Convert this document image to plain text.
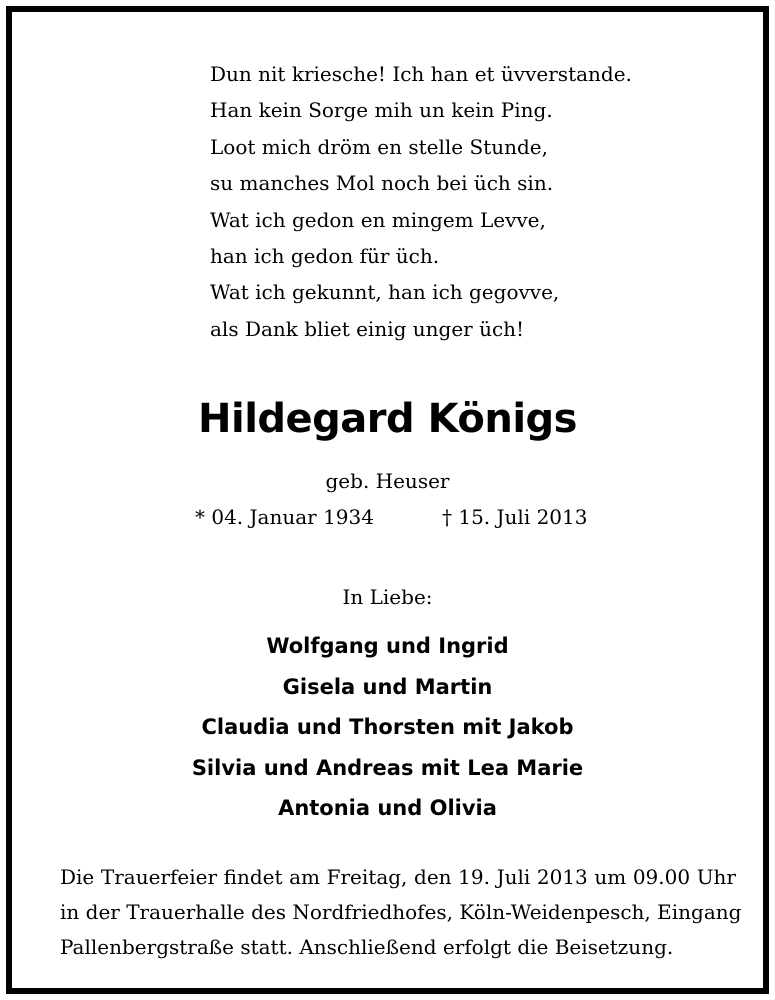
Dun nit kriesche! Ich han et üvverstande.
Han kein Sorge mih un kein Ping.
Loot mich dröm en stelle Stunde,
su manches Mol noch bei üch sin.
Wat ich gedon en mingem Levve,
han ich gedon für üch.
Wat ich gekunnt, han ich gegovve,
als Dank bliet einig unger üch!
Hildegard Königs
geb. Heuser
* 04. Januar 1934	† 15. Juli 2013
In Liebe:
Wolfgang und Ingrid
Gisela und Martin
Claudia und Thorsten mit Jakob
Silvia und Andreas mit Lea Marie
Antonia und Olivia
Die Trauerfeier findet am Freitag, den 19. Juli 2013 um 09.00 Uhr
in der Trauerhalle des Nordfriedhofes, Köln-Weidenpesch, Eingang
Pallenbergstraße statt. Anschließend erfolgt die Beisetzung.
